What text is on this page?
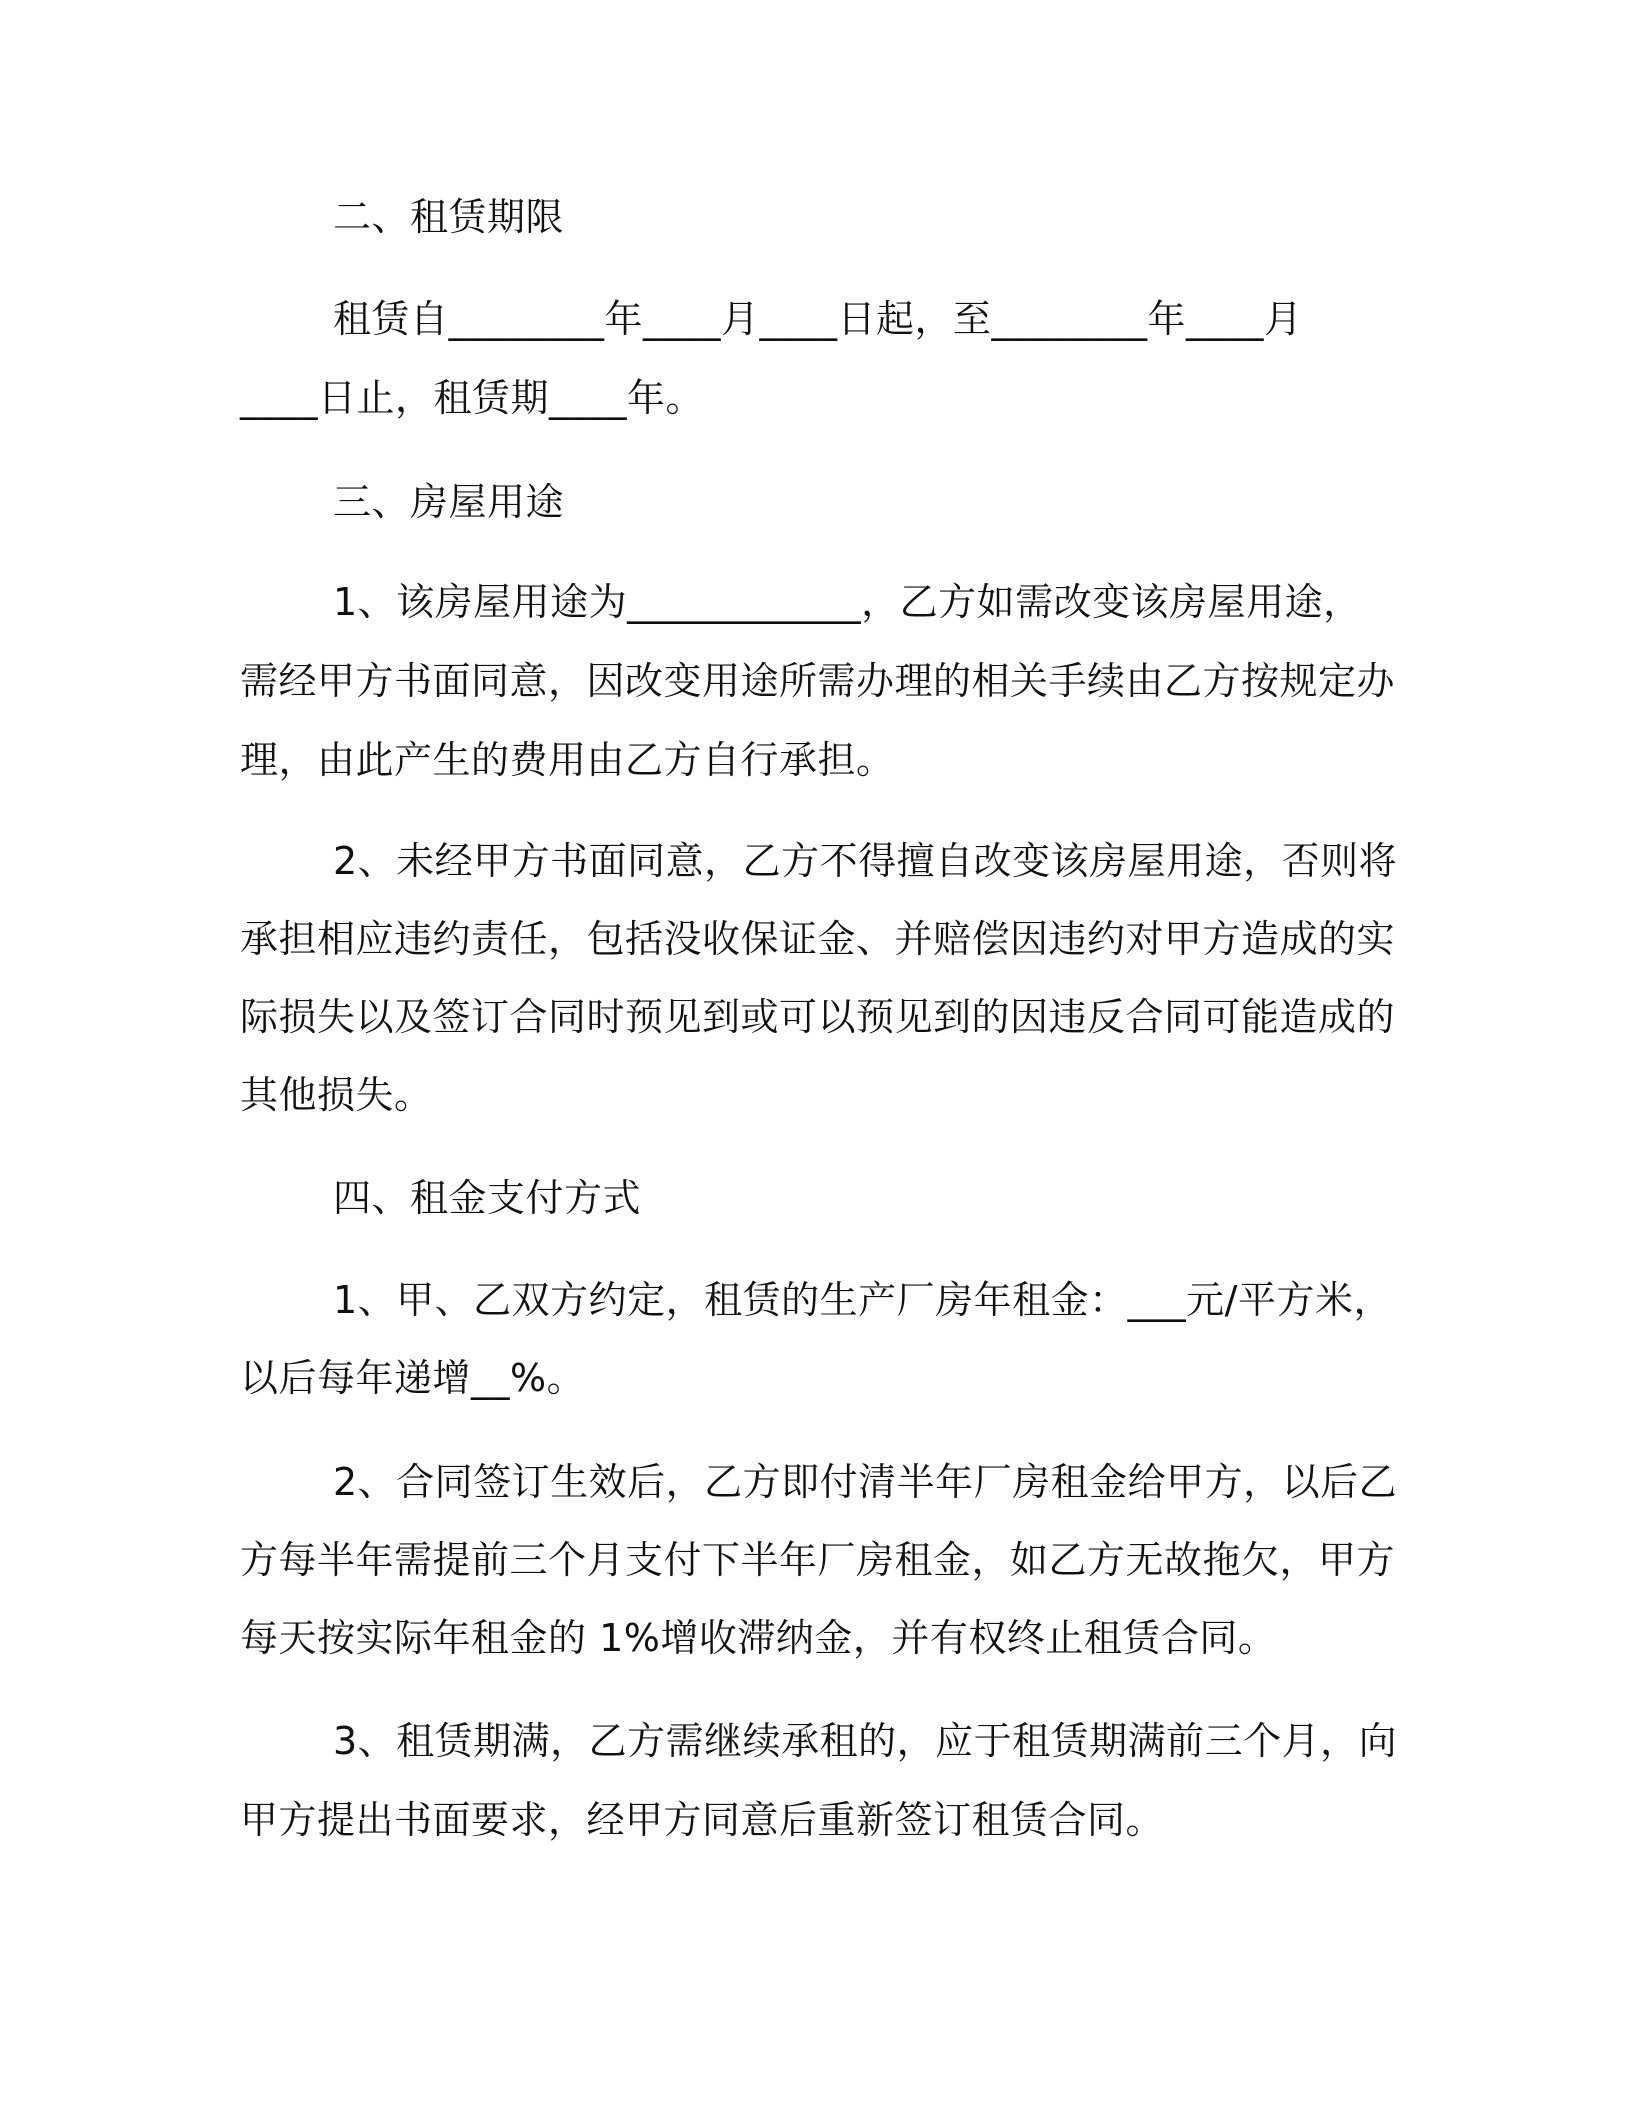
二、租赁期限
租赁自________年____月____日起，至________年____月
____日止，租赁期____年。
三、房屋用途
1、该房屋用途为____________，乙方如需改变该房屋用途，
需经甲方书面同意，因改变用途所需办理的相关手续由乙方按规定办
理，由此产生的费用由乙方自行承担。
2、未经甲方书面同意，乙方不得擅自改变该房屋用途，否则将
承担相应违约责任，包括没收保证金、并赔偿因违约对甲方造成的实
际损失以及签订合同时预见到或可以预见到的因违反合同可能造成的
其他损失。
四、租金支付方式
1、甲、乙双方约定，租赁的生产厂房年租金：___元/平方米，
以后每年递增__%。
2、合同签订生效后，乙方即付清半年厂房租金给甲方，以后乙
方每半年需提前三个月支付下半年厂房租金，如乙方无故拖欠，甲方
每天按实际年租金的 1%增收滞纳金，并有权终止租赁合同。
3、租赁期满，乙方需继续承租的，应于租赁期满前三个月，向
甲方提出书面要求，经甲方同意后重新签订租赁合同。
